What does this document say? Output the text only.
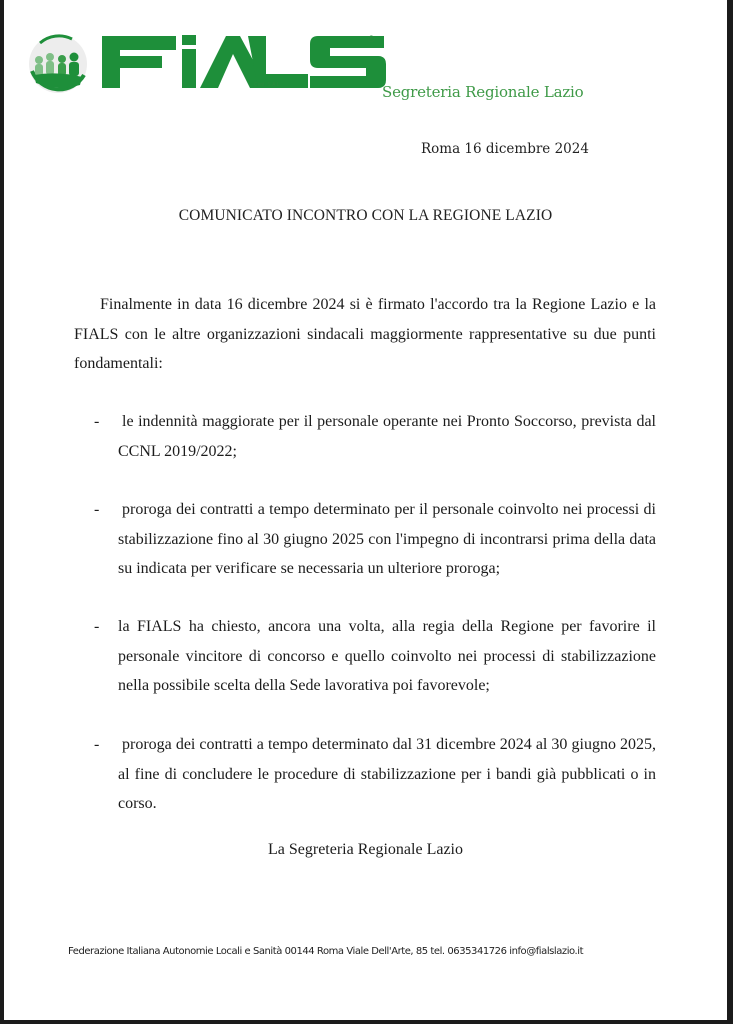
®
Conf. S.A.L.	Segreteria Regionale Lazio
Roma 16 dicembre 2024
COMUNICATO INCONTRO CON LA REGIONE LAZIO
Finalmente in data 16 dicembre 2024 si è firmato l'accordo tra la Regione Lazio e la FIALS con le altre organizzazioni sindacali maggiormente rappresentative su due punti fondamentali:
- le indennità maggiorate per il personale operante nei Pronto Soccorso, prevista dal CCNL 2019/2022;
- proroga dei contratti a tempo determinato per il personale coinvolto nei processi di stabilizzazione fino al 30 giugno 2025 con l'impegno di incontrarsi prima della data su indicata per verificare se necessaria un ulteriore proroga;
- la FIALS ha chiesto, ancora una volta, alla regia della Regione per favorire il personale vincitore di concorso e quello coinvolto nei processi di stabilizzazione nella possibile scelta della Sede lavorativa poi favorevole;
- proroga dei contratti a tempo determinato dal 31 dicembre 2024 al 30 giugno 2025, al fine di concludere le procedure di stabilizzazione per i bandi già pubblicati o in corso.
La Segreteria Regionale Lazio
Federazione Italiana Autonomie Locali e Sanità 00144 Roma Viale Dell'Arte, 85 tel. 0635341726 info@fialslazio.it
